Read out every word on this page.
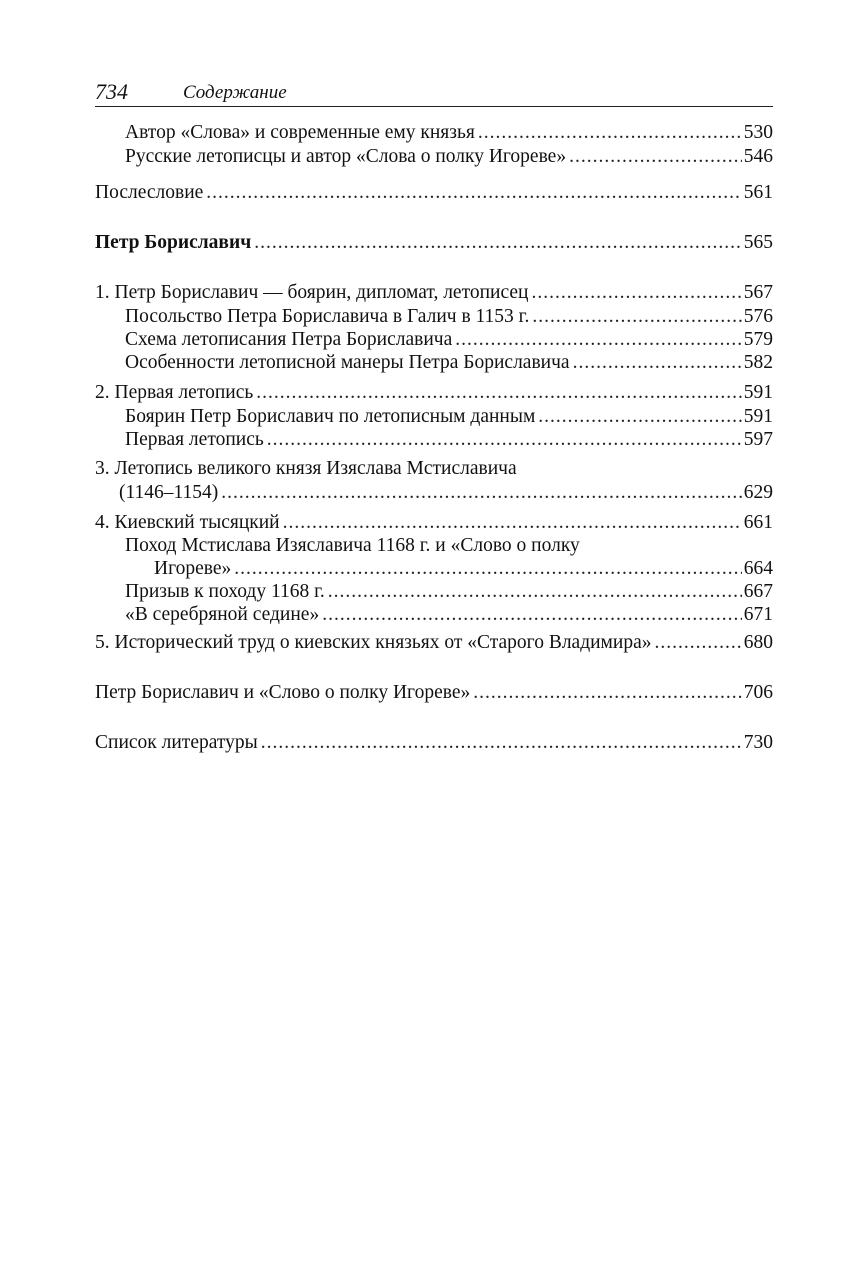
734	Содержание
Автор «Слова» и современные ему князья .....	530
Русские летописцы и автор «Слова о полку Игореве» .....	546
Послесловие .....	561
Петр Бориславич .....	565
1. Петр Бориславич — боярин, дипломат, летописец .....	567
Посольство Петра Бориславича в Галич в 1153 г. .....	576
Схема летописания Петра Бориславича .....	579
Особенности летописной манеры Петра Бориславича .....	582
2. Первая летопись .....	591
Боярин Петр Бориславич по летописным данным .....	591
Первая летопись .....	597
3. Летопись великого князя Изяслава Мстиславича
(1146–1154) .....	629
4. Киевский тысяцкий .....	661
Поход Мстислава Изяславича 1168 г. и «Слово о полку
Игореве» .....	664
Призыв к походу 1168 г. .....	667
«В серебряной седине» .....	671
5. Исторический труд о киевских князьях от «Старого Владимира» .....	680
Петр Бориславич и «Слово о полку Игореве» .....	706
Список литературы .....	730
